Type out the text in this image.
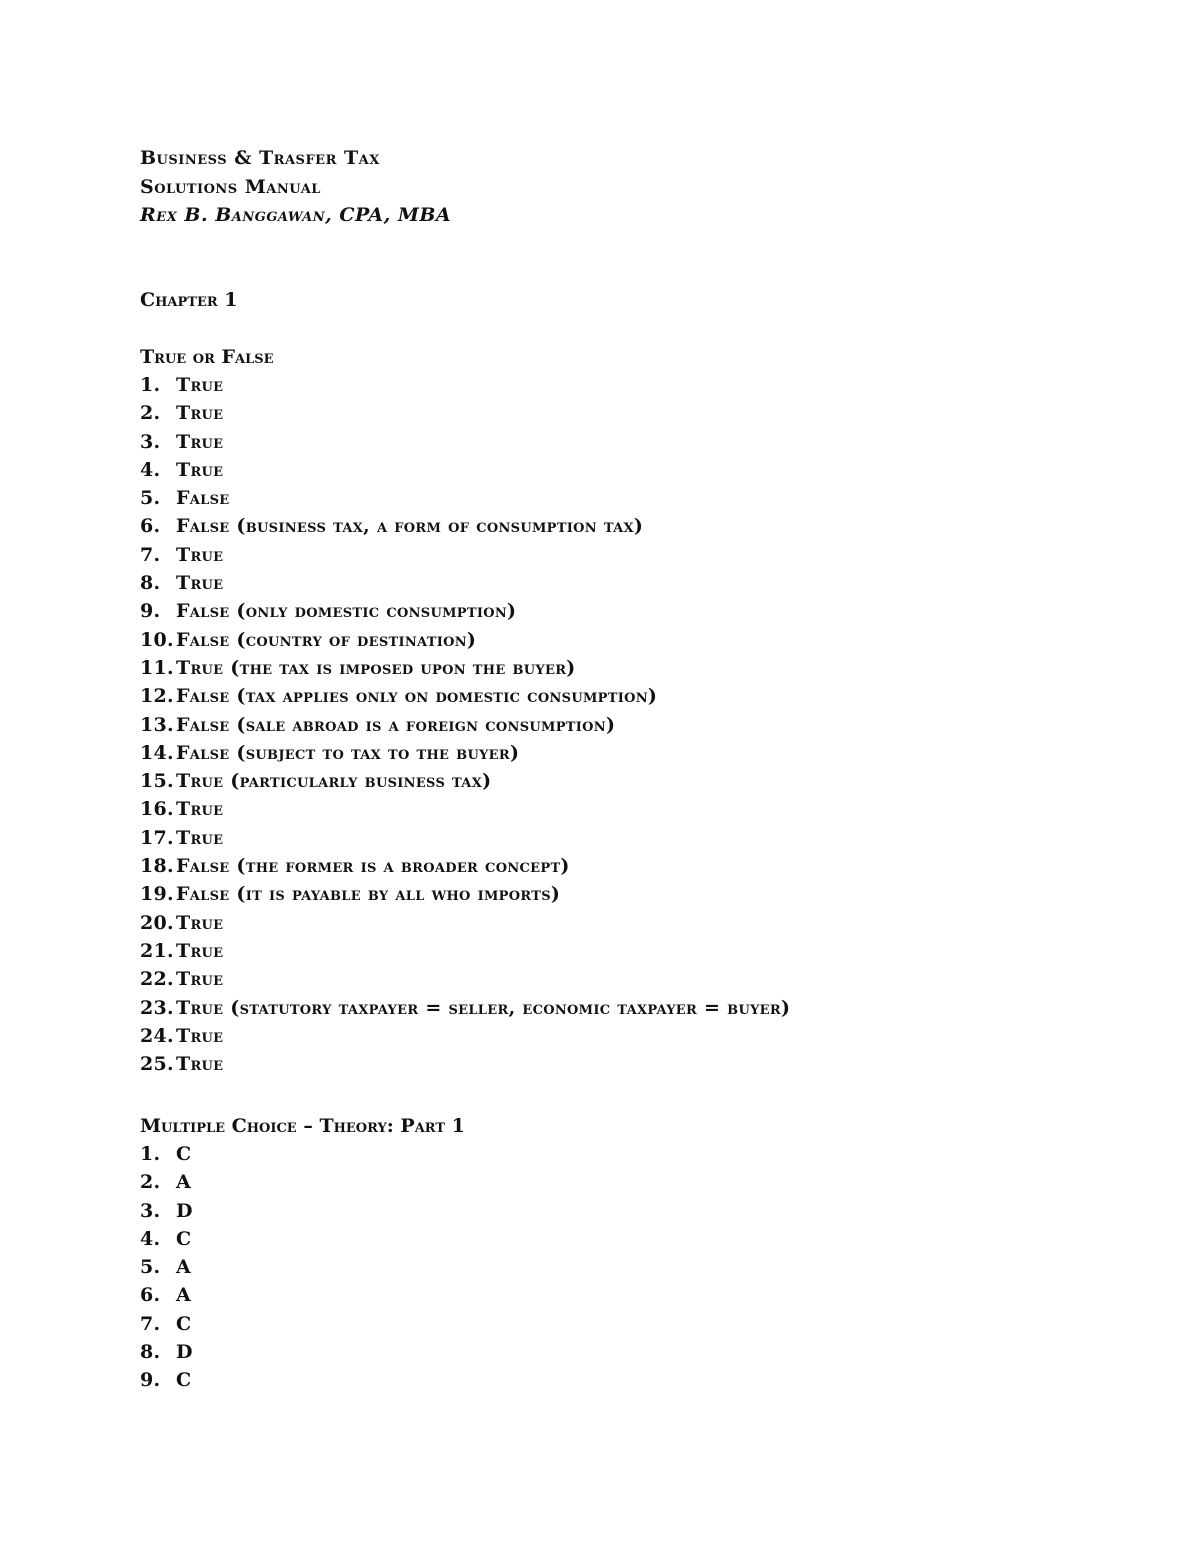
Business & Trasfer Tax
Solutions Manual
Rex B. Banggawan, CPA, MBA
Chapter 1
True or False
1. True
2. True
3. True
4. True
5. False
6. False (business tax, a form of consumption tax)
7. True
8. True
9. False (only domestic consumption)
10. False (country of destination)
11. True (the tax is imposed upon the buyer)
12. False (tax applies only on domestic consumption)
13. False (sale abroad is a foreign consumption)
14. False (subject to tax to the buyer)
15. True (particularly business tax)
16. True
17. True
18. False (the former is a broader concept)
19. False (it is payable by all who imports)
20. True
21. True
22. True
23. True (statutory taxpayer = seller, economic taxpayer = buyer)
24. True
25. True
Multiple Choice – Theory: Part 1
1. C
2. A
3. D
4. C
5. A
6. A
7. C
8. D
9. C
